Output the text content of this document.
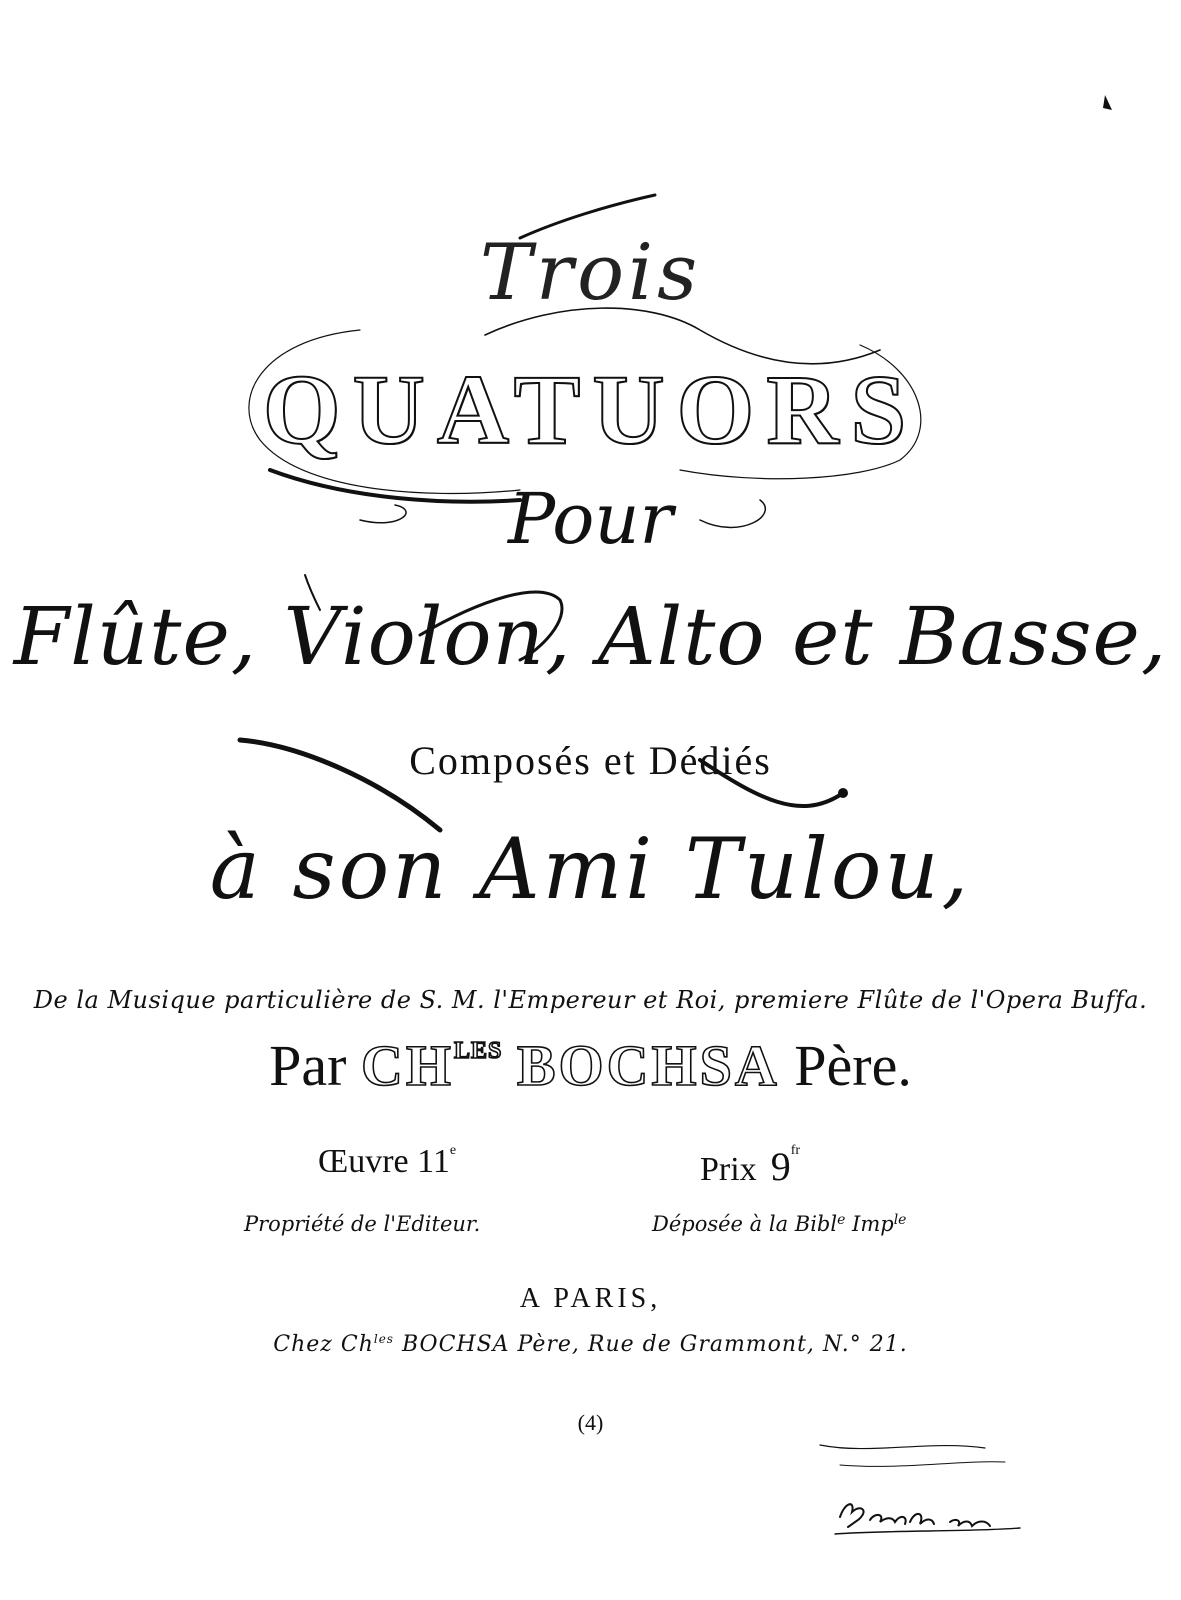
Trois
QUATUORS
Pour
Flûte, Violon, Alto et Basse,
Composés et Dédiés
à son Ami Tulou,
De la Musique particulière de S. M. l'Empereur et Roi, premiere Flûte de l'Opera Buffa.
Par $CH^{LES}$ BOCHSA Père.
Œuvre 11e
Prix $9^{fr}$
Propriété de l'Editeur.	Déposée à la Bibl$^e$ Imp$^{le}$
A PARIS,
Chez $Ch^{les}$ BOCHSA Père, Rue de Grammont, N.° 21.
(4)
